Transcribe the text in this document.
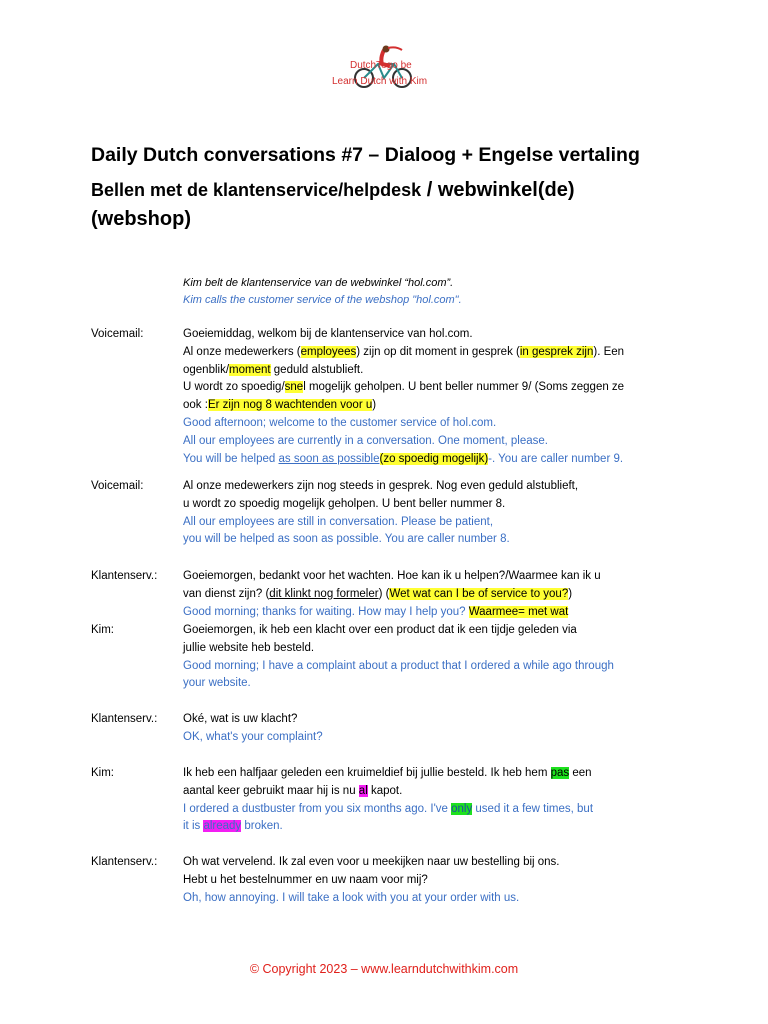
DutchTogo be
Learn Dutch with Kim
Daily Dutch conversations #7 – Dialoog + Engelse vertaling
Bellen met de klantenservice/helpdesk / webwinkel(de)
(webshop)
Kim belt de klantenservice van de webwinkel “hol.com”.
Kim calls the customer service of the webshop "hol.com".
Voicemail:	Goeiemiddag, welkom bij de klantenservice van hol.com.
Al onze medewerkers (employees) zijn op dit moment in gesprek (in gesprek zijn). Een
ogenblik/moment geduld alstublieft.
U wordt zo spoedig/snel mogelijk geholpen. U bent beller nummer 9/ (Soms zeggen ze
ook :Er zijn nog 8 wachtenden voor u)
Good afternoon; welcome to the customer service of hol.com.
All our employees are currently in a conversation. One moment, please.
You will be helped as soon as possible(zo spoedig mogelijk)-. You are caller number 9.
Voicemail:	Al onze medewerkers zijn nog steeds in gesprek. Nog even geduld alstublieft,
u wordt zo spoedig mogelijk geholpen. U bent beller nummer 8.
All our employees are still in conversation. Please be patient,
you will be helped as soon as possible. You are caller number 8.
Klantenserv.: Goeiemorgen, bedankt voor het wachten. Hoe kan ik u helpen?/Waarmee kan ik u
van dienst zijn? (dit klinkt nog formeler) (Wet wat can I be of service to you?)
Good morning; thanks for waiting. How may I help you? Waarmee= met wat
Kim:	Goeiemorgen, ik heb een klacht over een product dat ik een tijdje geleden via
jullie website heb besteld.
Good morning; I have a complaint about a product that I ordered a while ago through
your website.
Klantenserv.: Oké, wat is uw klacht?
OK, what's your complaint?
Kim:	Ik heb een halfjaar geleden een kruimeldief bij jullie besteld. Ik heb hem pas een
aantal keer gebruikt maar hij is nu al kapot.
I ordered a dustbuster from you six months ago. I've only used it a few times, but
it is already broken.
Klantenserv.: Oh wat vervelend. Ik zal even voor u meekijken naar uw bestelling bij ons.
Hebt u het bestelnummer en uw naam voor mij?
Oh, how annoying. I will take a look with you at your order with us.
© Copyright 2023 – www.learndutchwithkim.com
